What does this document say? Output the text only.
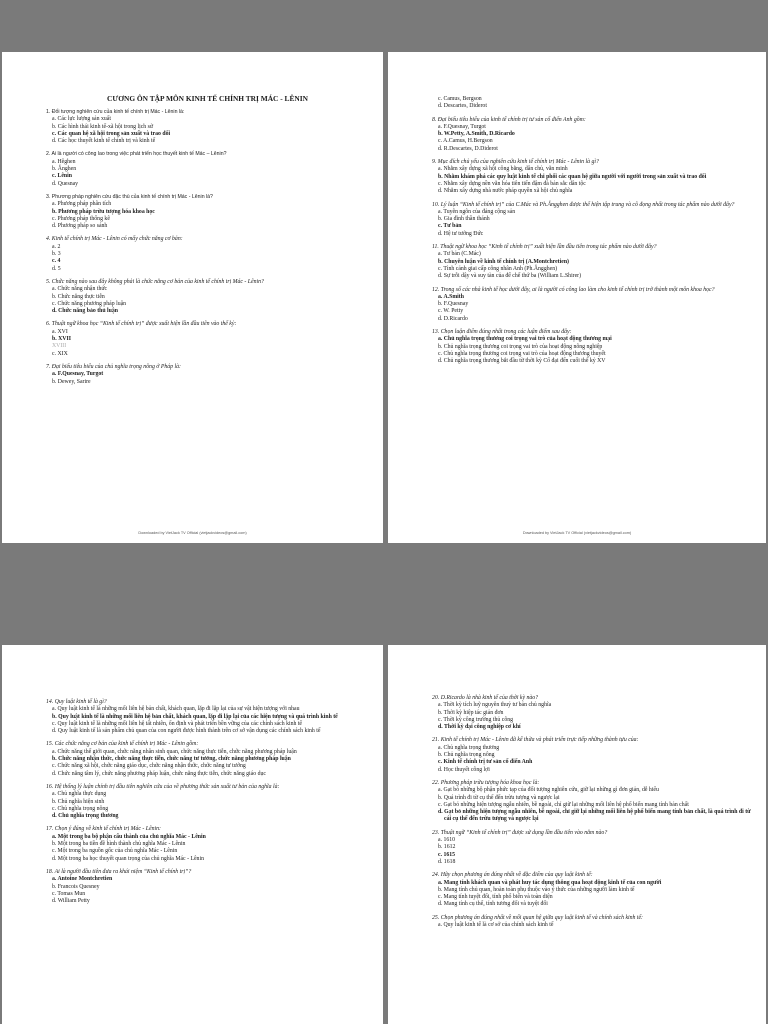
CƯƠNG ÔN TẬP MÔN KINH TẾ CHÍNH TRỊ MÁC - LÊNIN
1. Đối tượng nghiên cứu của kinh tế chính trị Mác - Lênin là:
a. Các lực lượng sản xuất
b. Các hình thái kinh tế-xã hội trong lịch sử
c. Các quan hệ xã hội trong sản xuất và trao đổi
d. Các học thuyết kinh tế chính trị và kinh tế
2. Ai là người có công lao trong việc phát triển học thuyết kinh tế Mác – Lênin?
a. Hêghen
b. Ănghen
c. Lênin
d. Quesnay
3. Phương pháp nghiên cứu đặc thù của kinh tế chính trị Mác - Lênin là?
a. Phương pháp phân tích
b. Phương pháp trừu tượng hóa khoa học
c. Phương pháp thống kê
d. Phương pháp so sánh
4. Kinh tế chính trị Mác - Lênin có mấy chức năng cơ bản:
a. 2
b. 3
c. 4
d. 5
5. Chức năng nào sau đây không phải là chức năng cơ bản của kinh tế chính trị Mác - Lênin?
a. Chức năng nhận thức
b. Chức năng thực tiễn
c. Chức năng phương pháp luận
d. Chức năng bảo thủ luận
6. Thuật ngữ khoa học “Kinh tế chính trị” được xuất hiện lần đầu tiên vào thế kỷ:
a. XVI
b. XVII
XVIII
c. XIX
7. Đại biểu tiêu biểu của chủ nghĩa trọng nông ở Pháp là:
a. F.Quesnay, Turgot
b. Dewey, Sarire
Downloaded by VietJack TV Official (vietjackvideos@gmail.com)
c. Camus, Bergson
d. Descartes, Diderot
8. Đại biểu tiêu biểu của kinh tế chính trị tư sản cổ điển Anh gồm:
a. F.Quesnay, Turgot
b. W.Petty, A.Smith, D.Ricardo
c. A.Camus, H.Bergson
d. R.Descartes, D.Diderot
9. Mục đích chủ yếu của nghiên cứu kinh tế chính trị Mác - Lênin là gì?
a. Nhằm xây dựng xã hội công bằng, dân chủ, văn minh
b. Nhằm khám phá các quy luật kinh tế chi phối các quan hệ giữa người với người trong sản xuất và trao đổi
c. Nhằm xây dựng nền văn hóa tiên tiến đậm đà bản sắc dân tộc
d. Nhằm xây dựng nhà nước pháp quyền xã hội chủ nghĩa
10. Lý luận “Kinh tế chính trị” của C.Mác và Ph.Ăngghen được thể hiện tập trung và cô đọng nhất trong tác phẩm nào dưới đây?
a. Tuyên ngôn của đảng cộng sản
b. Gia đình thần thánh
c. Tư bản
d. Hệ tư tưởng Đức
11. Thuật ngữ khoa học “Kinh tế chính trị” xuất hiện lần đầu tiên trong tác phẩm nào dưới đây?
a. Tư bản (C.Mác)
b. Chuyên luận về kinh tế chính trị (A.Montchretien)
c. Tình cảnh giai cấp công nhân Anh (Ph.Ăngghen)
d. Sự trỗi dậy và suy tàn của đế chế thứ ba (William L.Shirer)
12. Trong số các nhà kinh tế học dưới đây, ai là người có công lao làm cho kinh tế chính trị trở thành một môn khoa học?
a. A.Smith
b. F.Quesnay
c. W. Petty
d. D.Ricardo
13. Chọn luận điểm đúng nhất trong các luận điểm sau đây:
a. Chủ nghĩa trọng thương coi trọng vai trò của hoạt động thương mại
b. Chủ nghĩa trọng thương coi trọng vai trò của hoạt động nông nghiệp
c. Chủ nghĩa trọng thương coi trọng vai trò của hoạt động thương thuyết
d. Chủ nghĩa trọng thương bắt đầu từ thời kỳ Cổ đại đến cuối thế kỷ XV
Downloaded by VietJack TV Official (vietjackvideos@gmail.com)
14. Quy luật kinh tế là gì?
a. Quy luật kinh tế là những mối liên hệ bản chất, khách quan, lặp đi lặp lại của sự vật hiện tượng với nhau
b. Quy luật kinh tế là những mối liên hệ bản chất, khách quan, lặp đi lặp lại của các hiện tượng và quá trình kinh tế
c. Quy luật kinh tế là những mối liên hệ tất nhiên, ổn định và phát triển bền vững của các chính sách kinh tế
d. Quy luật kinh tế là sản phẩm chủ quan của con người được hình thành trên cơ sở vận dụng các chính sách kinh tế
15. Các chức năng cơ bản của kinh tế chính trị Mác - Lênin gồm:
a. Chức năng thế giới quan, chức năng nhân sinh quan, chức năng thực tiễn, chức năng phương pháp luận
b. Chức năng nhận thức, chức năng thực tiễn, chức năng tư tưởng, chức năng phương pháp luận
c. Chức năng xã hội, chức năng giáo dục, chức năng nhận thức, chức năng tư tưởng
d. Chức năng tâm lý, chức năng phương pháp luận, chức năng thực tiễn, chức năng giáo dục
16. Hệ thống lý luận chính trị đầu tiên nghiên cứu của về phương thức sản xuất tư bản của nghĩa là:
a. Chủ nghĩa thực dụng
b. Chủ nghĩa hiện sinh
c. Chủ nghĩa trọng nông
d. Chủ nghĩa trọng thương
17. Chọn ý đúng về kinh tế chính trị Mác - Lênin:
a. Một trong ba bộ phận cấu thành của chủ nghĩa Mác - Lênin
b. Một trong ba tiền đề hình thành chủ nghĩa Mác - Lênin
c. Một trong ba nguồn gốc của chủ nghĩa Mác - Lênin
d. Một trong ba học thuyết quan trọng của chủ nghĩa Mác - Lênin
18. Ai là người đầu tiên đưa ra khái niệm “Kinh tế chính trị”?
a. Antoine Montchretien
b. Francois Quesney
c. Tomas Mun
d. William Petty
20. D.Ricardo là nhà kinh tế của thời kỳ nào?
a. Thời kỳ tích luỹ nguyên thuỷ tư bản chủ nghĩa
b. Thời kỳ hiệp tác giản đơn
c. Thời kỳ công trường thủ công
d. Thời kỳ đại công nghiệp cơ khí
21. Kinh tế chính trị Mác - Lênin đã kế thừa và phát triển trực tiếp những thành tựu của:
a. Chủ nghĩa trọng thương
b. Chủ nghĩa trọng nông
c. Kinh tế chính trị tư sản cổ điển Anh
d. Học thuyết công lợi
22. Phương pháp trừu tượng hóa khoa học là:
a. Gạt bỏ những bộ phận phức tạp của đối tượng nghiên cứu, giữ lại những gì đơn giản, dễ hiểu
b. Quá trình đi từ cụ thể đến trừu tượng và ngược lại
c. Gạt bỏ những hiện tượng ngẫu nhiên, bề ngoài, chỉ giữ lại những mối liên hệ phổ biến mang tính bản chất
d. Gạt bỏ những hiện tượng ngẫu nhiên, bề ngoài, chỉ giữ lại những mối liên hệ phổ biến mang tính bản chất, là quá trình đi từ cái cụ thể đến trừu tượng và ngược lại
23. Thuật ngữ “Kinh tế chính trị” được sử dụng lần đầu tiên vào năm nào?
a. 1610
b. 1612
c. 1615
d. 1618
24. Hãy chọn phương án đúng nhất về đặc điểm của quy luật kinh tế:
a. Mang tính khách quan và phát huy tác dụng thông qua hoạt động kinh tế của con người
b. Mang tính chủ quan, hoàn toàn phụ thuộc vào ý thức của những người làm kinh tế
c. Mang tính tuyệt đối, tính phổ biến và toàn diện
d. Mang tính cụ thể, tính tương đối và tuyệt đối
25. Chọn phương án đúng nhất về mối quan hệ giữa quy luật kinh tế và chính sách kinh tế:
a. Quy luật kinh tế là cơ sở của chính sách kinh tế
